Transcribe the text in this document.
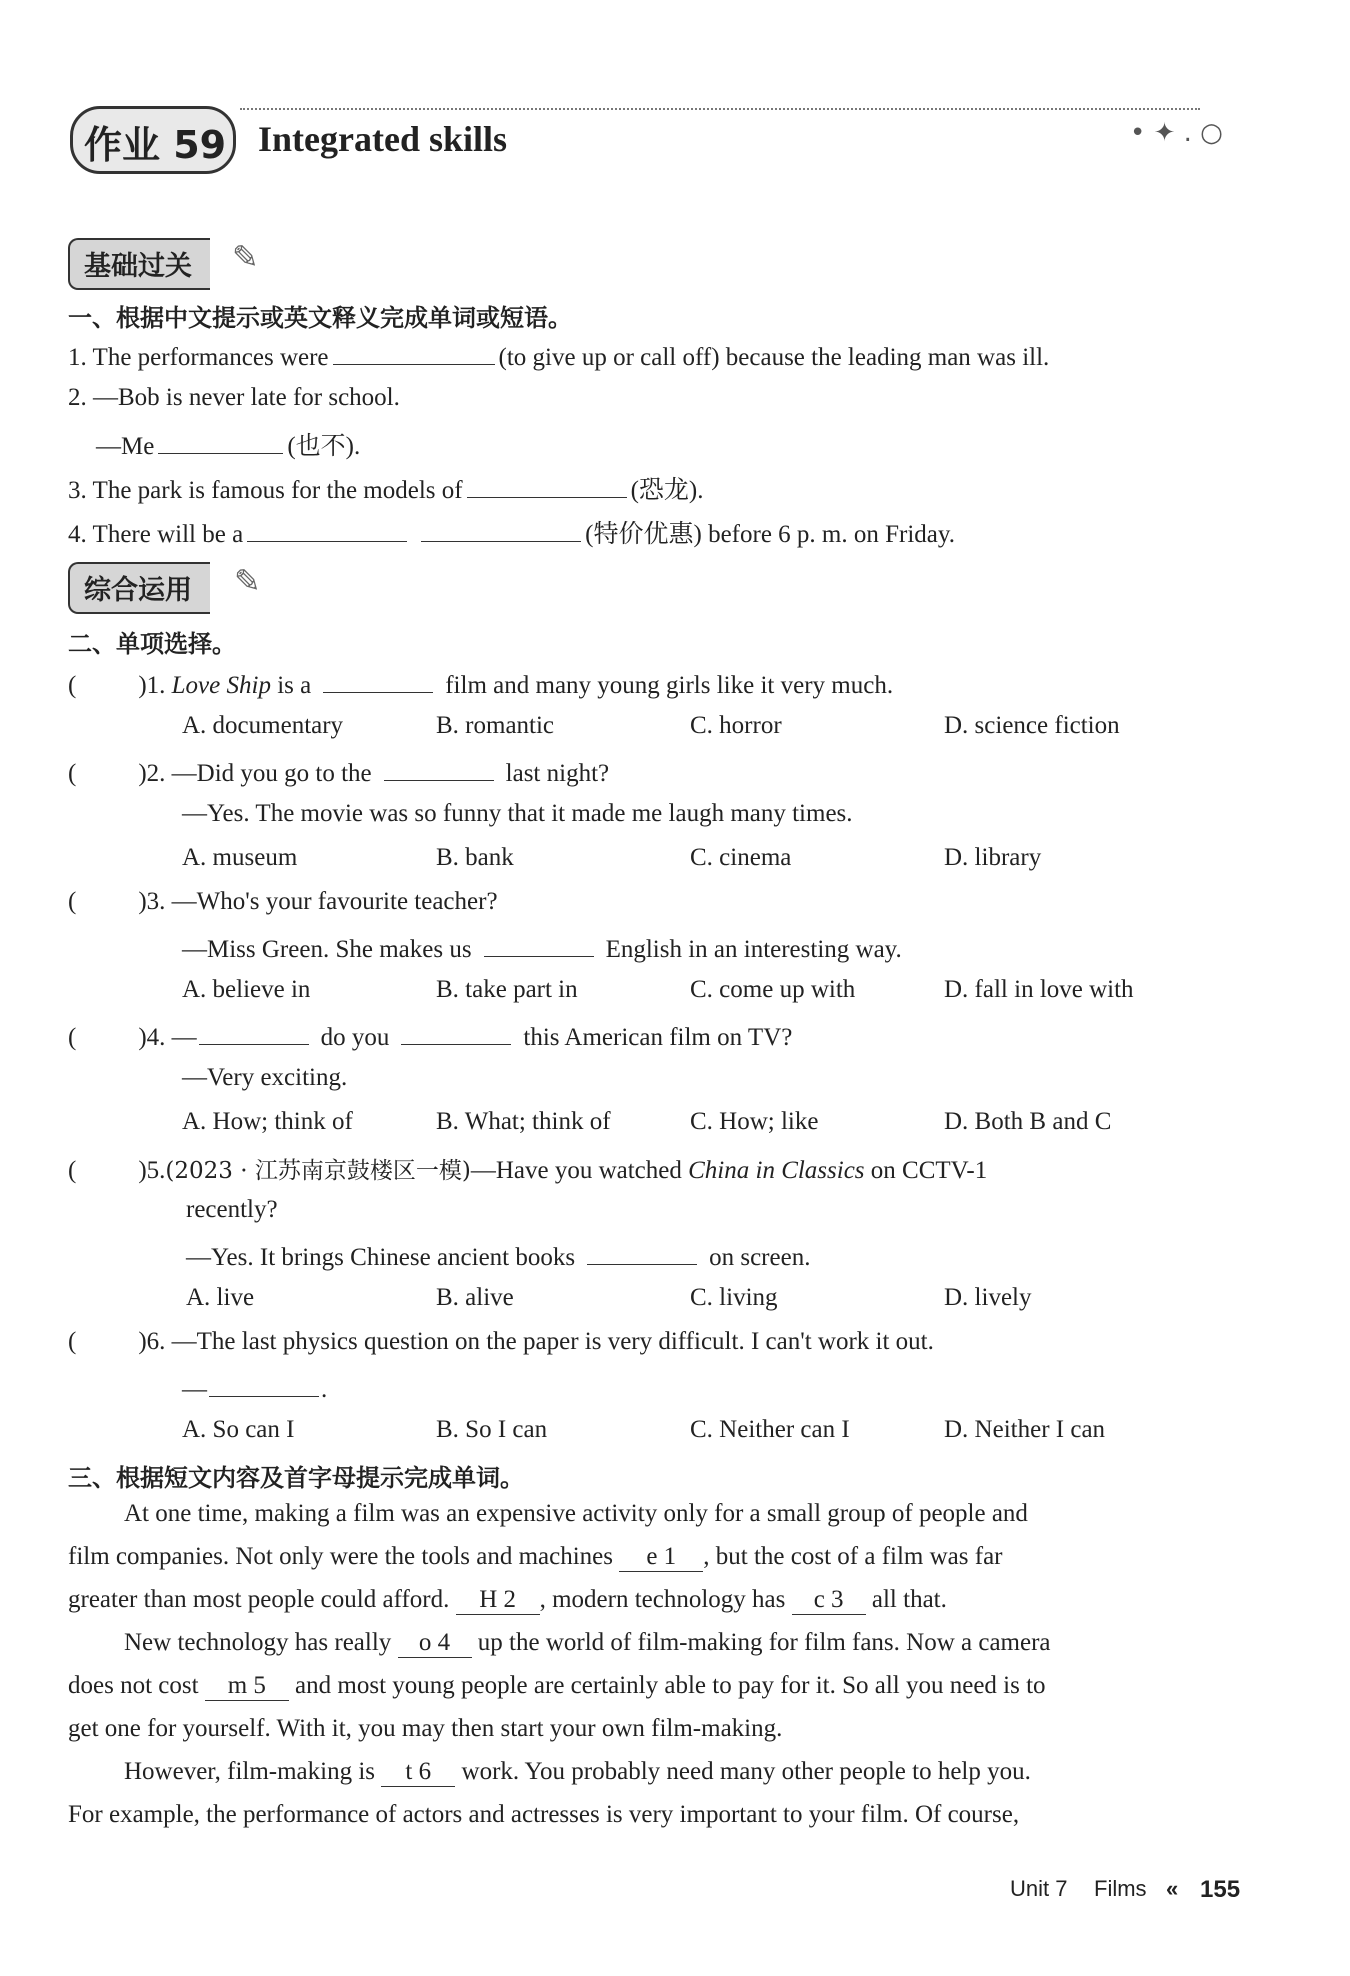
作业 59 Integrated skills	• ✦ . ○
基础过关	✎
一、根据中文提示或英文释义完成单词或短语。
1. The performances were	(to give up or call off) because the leading man was ill.
2. —Bob is never late for school.
—Me	(也不).
3. The park is famous for the models of	(恐龙).
4. There will be a	(特价优惠) before 6 p. m. on Friday.
综合运用	✎
二、单项选择。
( )1. Love Ship is a	film and many young girls like it very much.
A. documentary	B. romantic	C. horror	D. science fiction
( )2. —Did you go to the	last night?
—Yes. The movie was so funny that it made me laugh many times.
A. museum	B. bank	C. cinema	D. library
( )3. —Who's your favourite teacher?
—Miss Green. She makes us	English in an interesting way.
A. believe in	B. take part in	C. come up with	D. fall in love with
( )4. —	do you	this American film on TV?
—Very exciting.
A. How; think of	B. What; think of	C. How; like	D. Both B and C
( )5.(2023 · 江苏南京鼓楼区一模)—Have you watched China in Classics on CCTV-1
recently?
—Yes. It brings Chinese ancient books	on screen.
A. live	B. alive	C. living	D. lively
( )6. —The last physics question on the paper is very difficult. I can't work it out.
—	.
A. So can I	B. So I can	C. Neither can I	D. Neither I can
三、根据短文内容及首字母提示完成单词。
At one time, making a film was an expensive activity only for a small group of people and
film companies. Not only were the tools and machines e 1 , but the cost of a film was far
greater than most people could afford. H 2 , modern technology has c 3 all that.
New technology has really o 4 up the world of film-making for film fans. Now a camera
does not cost m 5 and most young people are certainly able to pay for it. So all you need is to
get one for yourself. With it, you may then start your own film-making.
However, film-making is t 6 work. You probably need many other people to help you.
For example, the performance of actors and actresses is very important to your film. Of course,
Unit 7 Films « 155
